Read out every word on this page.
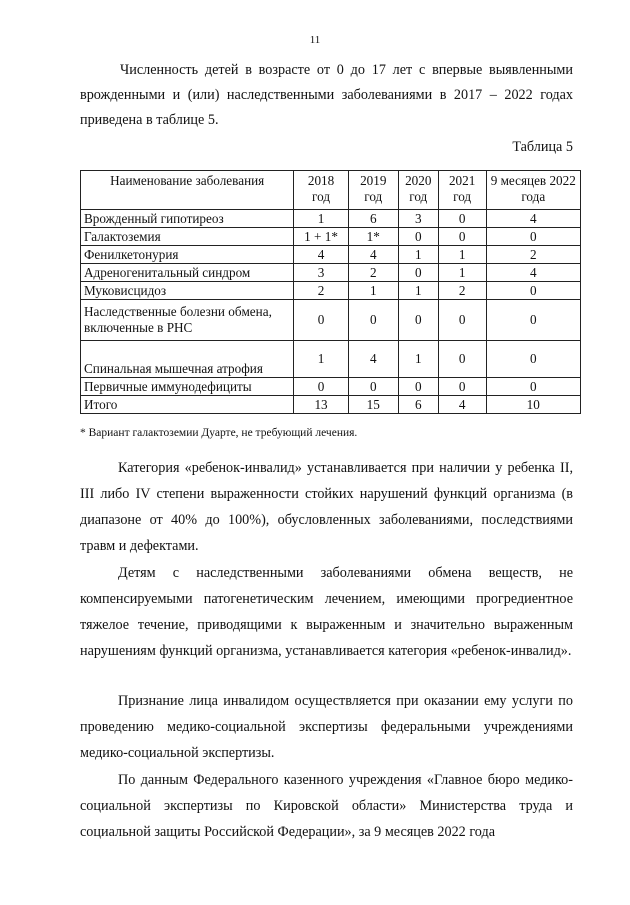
11

Численность детей в возрасте от 0 до 17 лет с впервые выявленными врожденными и (или) наследственными заболеваниями в 2017 – 2022 годах приведена в таблице 5.

Таблица 5
Наименование заболевания	2018 год	2019 год	2020 год	2021 год	9 месяцев 2022 года
Врожденный гипотиреоз	1	6	3	0	4
Галактоземия	1 + 1*	1*	0	0	0
Фенилкетонурия	4	4	1	1	2
Адреногенитальный синдром	3	2	0	1	4
Муковисцидоз	2	1	1	2	0
Наследственные болезни обмена, включенные в РНС	0	0	0	0	0
Спинальная мышечная атрофия	1	4	1	0	0
Первичные иммунодефициты	0	0	0	0	0
Итого	13	15	6	4	10
* Вариант галактоземии Дуарте, не требующий лечения.

Категория «ребенок-инвалид» устанавливается при наличии у ребенка II, III либо IV степени выраженности стойких нарушений функций организма (в диапазоне от 40% до 100%), обусловленных заболеваниями, последствиями травм и дефектами.

Детям с наследственными заболеваниями обмена веществ, не компенсируемыми патогенетическим лечением, имеющими прогредиентное тяжелое течение, приводящими к выраженным и значительно выраженным нарушениям функций организма, устанавливается категория «ребенок-инвалид».

Признание лица инвалидом осуществляется при оказании ему услуги по проведению медико-социальной экспертизы федеральными учреждениями медико-социальной экспертизы.

По данным Федерального казенного учреждения «Главное бюро медико-социальной экспертизы по Кировской области» Министерства труда и социальной защиты Российской Федерации», за 9 месяцев 2022 года
